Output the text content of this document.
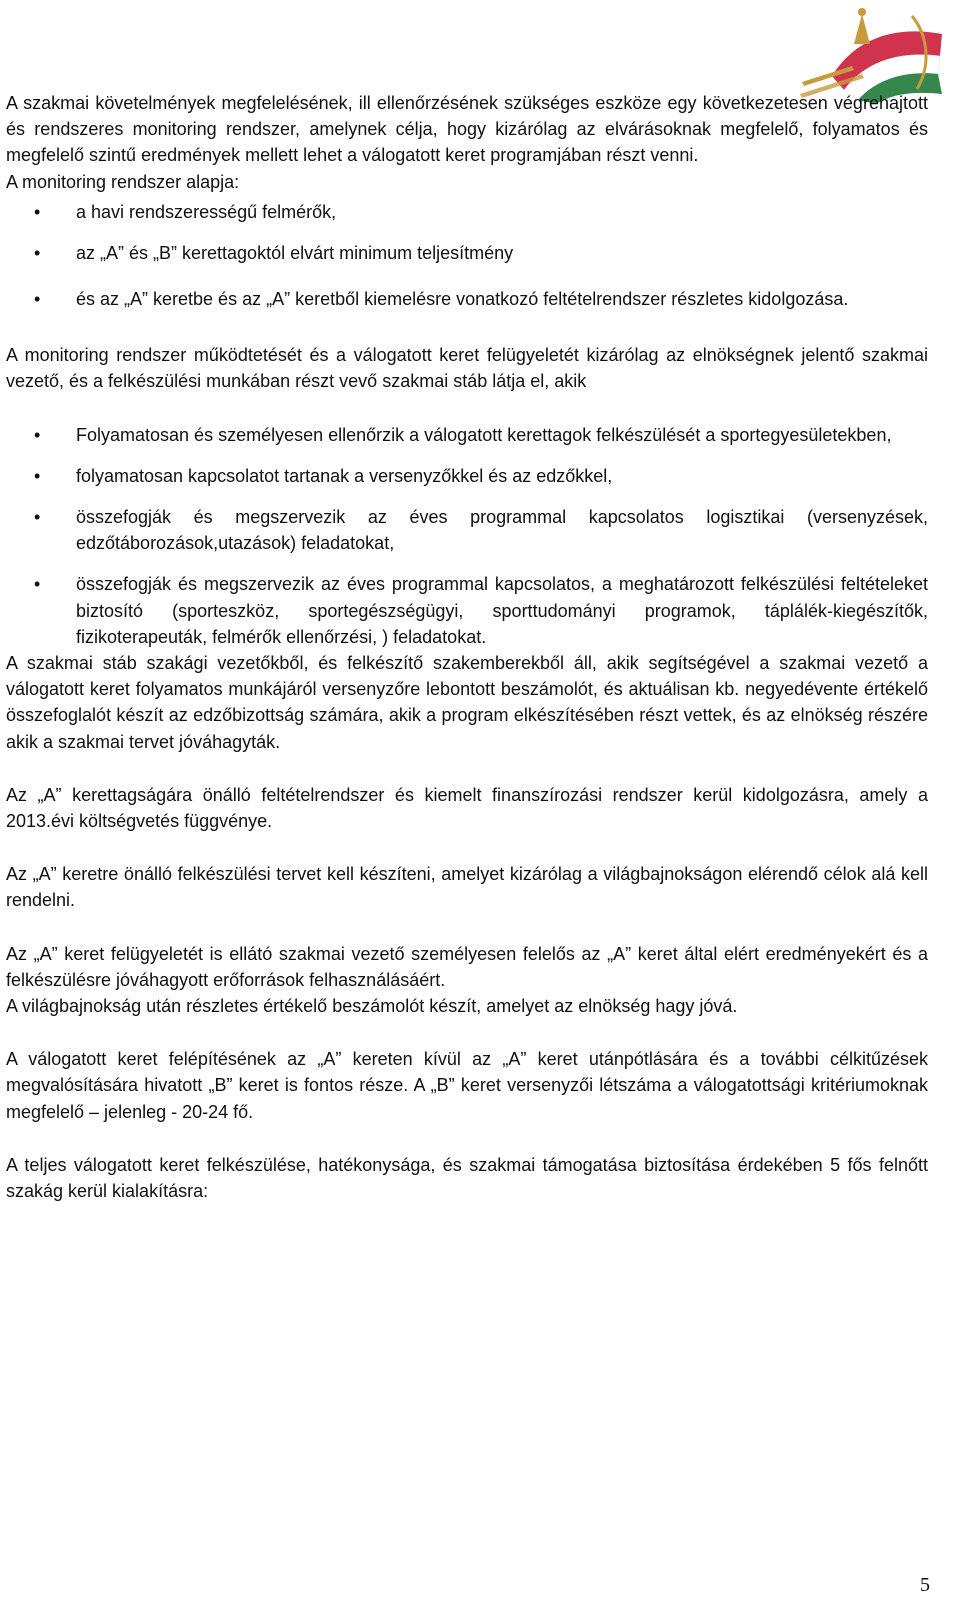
A szakmai követelmények megfelelésének, ill ellenőrzésének szükséges eszköze egy következetesen végrehajtott és rendszeres monitoring rendszer, amelynek célja, hogy kizárólag az elvárásoknak megfelelő, folyamatos és megfelelő szintű eredmények mellett lehet a válogatott keret programjában részt venni.

A monitoring rendszer alapja:

•	a havi rendszerességű felmérők,
•	az „A” és „B” kerettagoktól elvárt minimum teljesítmény
•	és az „A” keretbe és az „A” keretből kiemelésre vonatkozó feltételrendszer részletes kidolgozása.

A monitoring rendszer működtetését és a válogatott keret felügyeletét kizárólag az elnökségnek jelentő szakmai vezető, és a felkészülési munkában részt vevő szakmai stáb látja el, akik

•	Folyamatosan és személyesen ellenőrzik a válogatott kerettagok felkészülését a sportegyesületekben,
•	folyamatosan kapcsolatot tartanak a versenyzőkkel és az edzőkkel,
•	összefogják és megszervezik az éves programmal kapcsolatos logisztikai (versenyzések, edzőtáborozások,utazások) feladatokat,
•	összefogják és megszervezik az éves programmal kapcsolatos, a meghatározott felkészülési feltételeket biztosító (sporteszköz, sportegészségügyi, sporttudományi programok, táplálék-kiegészítők, fizikoterapeuták, felmérők ellenőrzési, ) feladatokat.

A szakmai stáb szakági vezetőkből, és felkészítő szakemberekből áll, akik segítségével a szakmai vezető a válogatott keret folyamatos munkájáról versenyzőre lebontott beszámolót, és aktuálisan kb. negyedévente értékelő összefoglalót készít az edzőbizottság számára, akik a program elkészítésében részt vettek, és az elnökség részére akik a szakmai tervet jóváhagyták.

Az „A” kerettagságára önálló feltételrendszer és kiemelt finanszírozási rendszer kerül kidolgozásra, amely a 2013.évi költségvetés függvénye.

Az „A” keretre önálló felkészülési tervet kell készíteni, amelyet kizárólag a világbajnokságon elérendő célok alá kell rendelni.

Az „A” keret felügyeletét is ellátó szakmai vezető személyesen felelős az „A” keret által elért eredményekért és a felkészülésre jóváhagyott erőforrások felhasználásáért.

A világbajnokság után részletes értékelő beszámolót készít, amelyet az elnökség hagy jóvá.

A válogatott keret felépítésének az „A” kereten kívül az „A” keret utánpótlására és a további célkitűzések megvalósítására hivatott „B” keret is fontos része. A „B” keret versenyzői létszáma a válogatottsági kritériumoknak megfelelő – jelenleg - 20-24 fő.

A teljes válogatott keret felkészülése, hatékonysága, és szakmai támogatása biztosítása érdekében 5 fős felnőtt szakág kerül kialakításra:

5
